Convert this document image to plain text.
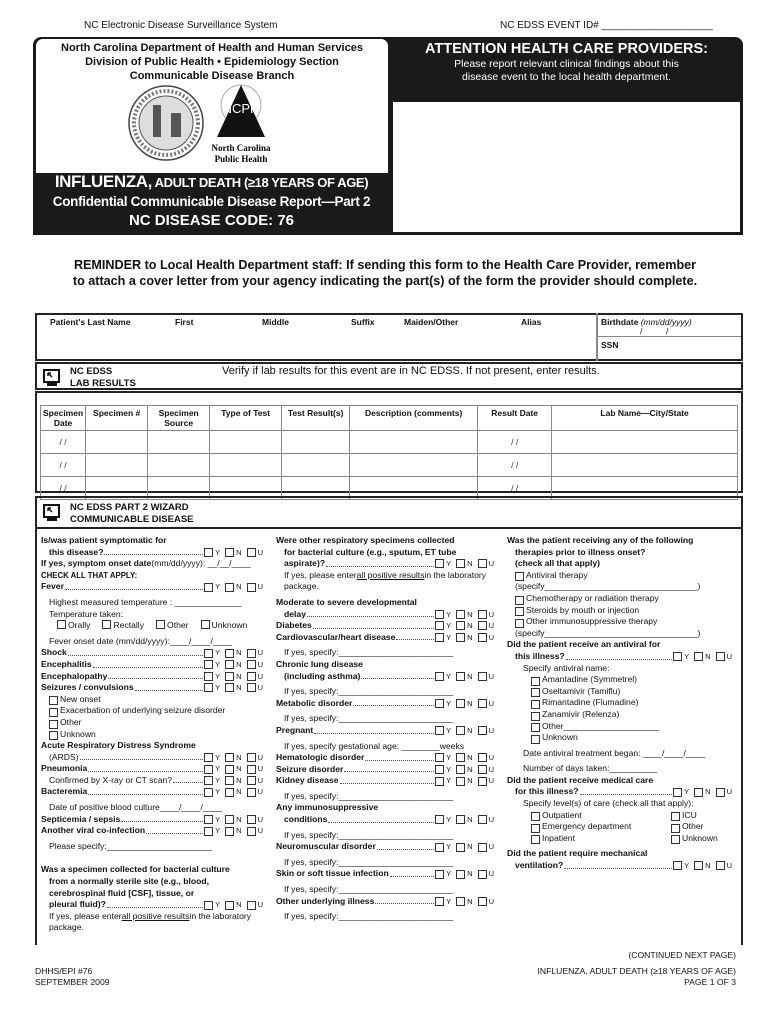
NC Electronic Disease Surveillance System	NC EDSS EVENT ID# ____________________
North Carolina Department of Health and Human Services
Division of Public Health • Epidemiology Section
Communicable Disease Branch
NCPH
North Carolina
Public Health
ATTENTION HEALTH CARE PROVIDERS:
Please report relevant clinical findings about this
disease event to the local health department.
INFLUENZA, ADULT DEATH (≥18 YEARS OF AGE)
Confidential Communicable Disease Report—Part 2
NC DISEASE CODE: 76
REMINDER to Local Health Department staff: If sending this form to the Health Care Provider, remember
to attach a cover letter from your agency indicating the part(s) of the form the provider should complete.
Patient's Last Name	First	Middle	Suffix	Maiden/Other	Alias	Birthdate (mm/dd/yyyy)
/          /
SSN
NC EDSS
LAB RESULTS
Verify if lab results for this event are in NC EDSS. If not present, enter results.
Specimen Date	Specimen #	Specimen Source	Type of Test	Test Result(s)	Description (comments)	Result Date	Lab Name—City/State
/ /						/ /	
/ /						/ /	
/ /						/ /	
NC EDSS PART 2 WIZARD
COMMUNICABLE DISEASE
Is/was patient symptomatic for
this disease?	Y N U
If yes, symptom onset date (mm/dd/yyyy): __/__/____
CHECK ALL THAT APPLY:
Fever	Y N U
Highest measured temperature : ______________
Temperature taken:
Orally	Rectally	Other	Unknown
Fever onset date (mm/dd/yyyy):____/____/____
Shock	Y N U
Encephalitis	Y N U
Encephalopathy	Y N U
Seizures / convulsions	Y N U
New onset
Exacerbation of underlying seizure disorder
Other
Unknown
Acute Respiratory Distress Syndrome
(ARDS)	Y N U
Pneumonia	Y N U
Confirmed by X-ray or CT scan?	Y N U
Bacteremia	Y N U
Date of positive blood culture____/____/____
Septicemia / sepsis	Y N U
Another viral co-infection	Y N U
Please specify:______________________
Was a specimen collected for bacterial culture
from a normally sterile site (e.g., blood,
cerebrospinal fluid [CSF], tissue, or
pleural fluid)?	Y N U
If yes, please enter all positive results in the laboratory
package.
Were other respiratory specimens collected
for bacterial culture (e.g., sputum, ET tube
aspirate)?	Y N U
If yes, please enter all positive results in the laboratory
package.
Moderate to severe developmental
delay	Y N U
Diabetes	Y N U
Cardiovascular/heart disease	Y N U
If yes, specify:________________________
Chronic lung disease
(including asthma)	Y N U
If yes, specify:________________________
Metabolic disorder	Y N U
If yes, specify:________________________
Pregnant	Y N U
If yes, specify gestational age: ________weeks
Hematologic disorder	Y N U
Seizure disorder	Y N U
Kidney disease	Y N U
If yes, specify:________________________
Any immunosuppressive
conditions	Y N U
If yes, specify:________________________
Neuromuscular disorder	Y N U
If yes, specify:________________________
Skin or soft tissue infection	Y N U
If yes, specify:________________________
Other underlying illness	Y N U
If yes, specify:________________________
Was the patient receiving any of the following
therapies prior to illness onset?
(check all that apply)
Antiviral therapy
(specify________________________________)
Chemotherapy or radiation therapy
Steroids by mouth or injection
Other immunosuppressive therapy
(specify________________________________)
Did the patient receive an antiviral for
this illness?	Y N U
Specify antiviral name:
Amantadine (Symmetrel)
Oseltamivir (Tamiflu)
Rimantadine (Flumadine)
Zanamivir (Relenza)
Other____________________
Unknown
Date antiviral treatment began: ____/____/____
Number of days taken:__________
Did the patient receive medical care
for this illness?	Y N U
Specify level(s) of care (check all that apply):
Outpatient	ICU
Emergency department	Other
Inpatient	Unknown
Did the patient require mechanical
ventilation?	Y N U
(CONTINUED NEXT PAGE)
DHHS/EPI #76
SEPTEMBER 2009
INFLUENZA, ADULT DEATH (≥18 YEARS OF AGE)
PAGE 1 OF 3
